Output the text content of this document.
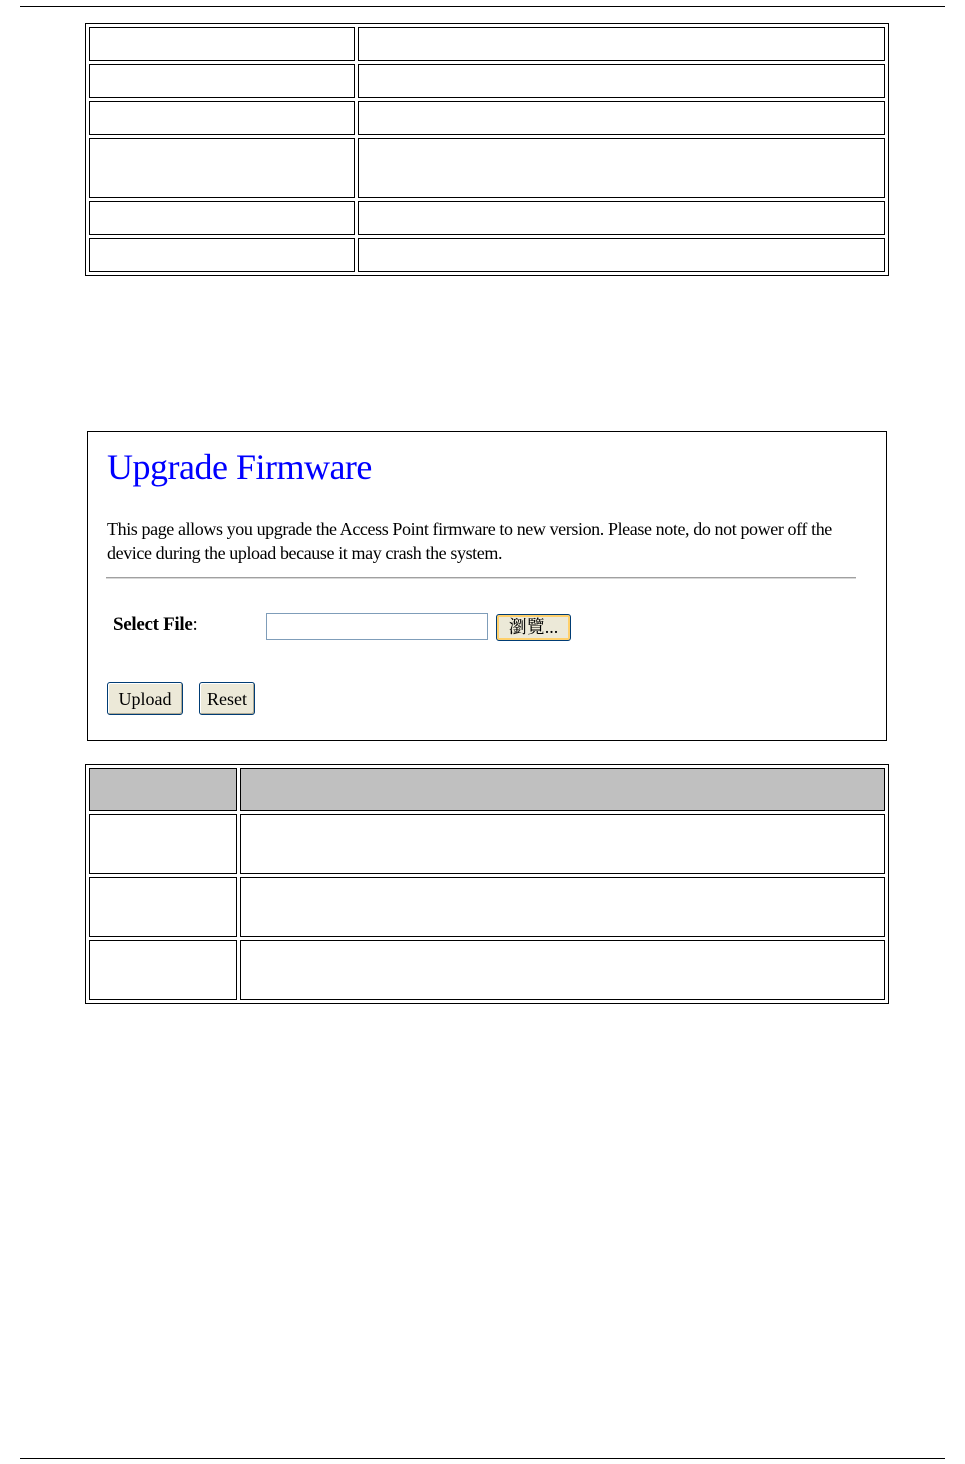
Upgrade Firmware

This page allows you upgrade the Access Point firmware to new version. Please note, do not power off the device during the upload because it may crash the system.

Select File:	瀏覽...
Upload	Reset
